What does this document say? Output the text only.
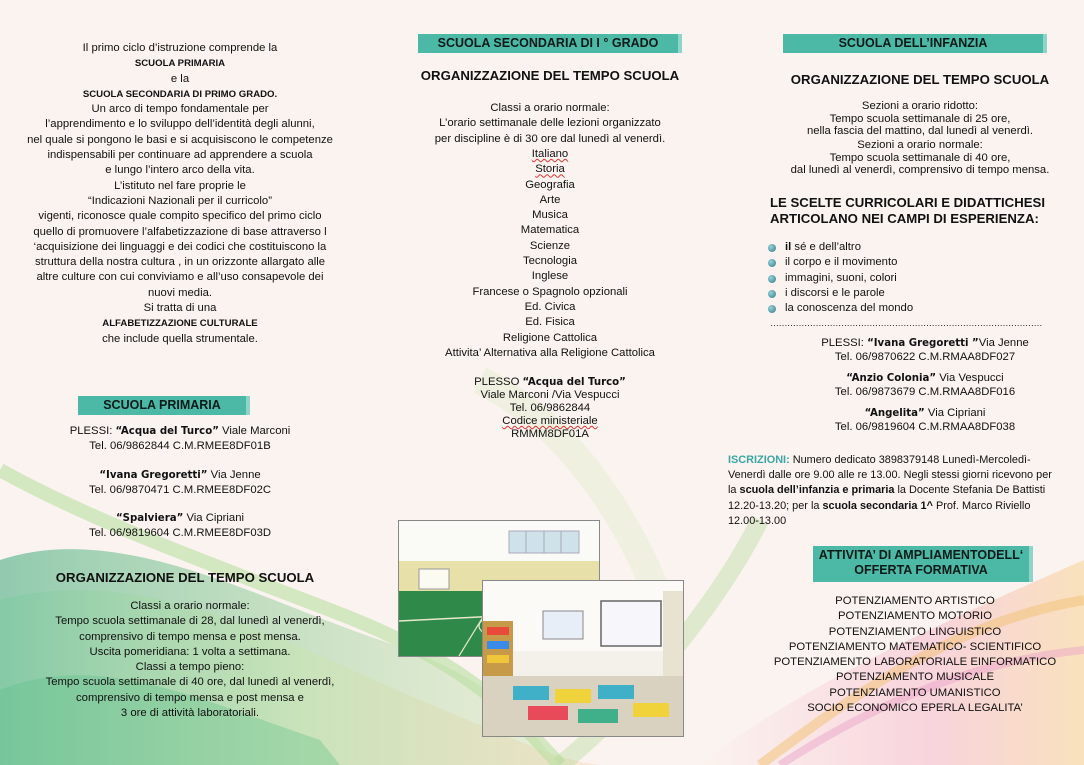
Il primo ciclo d’istruzione comprende la
SCUOLA PRIMARIA
e la
SCUOLA SECONDARIA DI PRIMO GRADO.
Un arco di tempo fondamentale per
l’apprendimento e lo sviluppo dell’identità degli alunni,
nel quale si pongono le basi e si acquisiscono le competenze
indispensabili per continuare ad apprendere a scuola
e lungo l’intero arco della vita.
L’istituto nel fare proprie le
“Indicazioni Nazionali per il curricolo”
vigenti, riconosce quale compito specifico del primo ciclo
quello di promuovere l’alfabetizzazione di base attraverso l
‘acquisizione dei linguaggi e dei codici che costituiscono la
struttura della nostra cultura , in un orizzonte allargato alle
altre culture con cui conviviamo e all’uso consapevole dei
nuovi media.
Si tratta di una
ALFABETIZZAZIONE CULTURALE
che include quella strumentale.
SCUOLA PRIMARIA
PLESSI: “Acqua del Turco” Viale Marconi
Tel. 06/9862844 C.M.RMEE8DF01B
“Ivana Gregoretti” Via Jenne
Tel. 06/9870471 C.M.RMEE8DF02C
“Spalviera” Via Cipriani
Tel. 06/9819604 C.M.RMEE8DF03D
ORGANIZZAZIONE DEL TEMPO SCUOLA
Classi a orario normale:
Tempo scuola settimanale di 28, dal lunedì al venerdì,
comprensivo di tempo mensa e post mensa.
Uscita pomeridiana: 1 volta a settimana.
Classi a tempo pieno:
Tempo scuola settimanale di 40 ore, dal lunedì al venerdì,
comprensivo di tempo mensa e post mensa e
3 ore di attività laboratoriali.
SCUOLA SECONDARIA DI I ° GRADO
ORGANIZZAZIONE DEL TEMPO SCUOLA
Classi a orario normale:
L’orario settimanale delle lezioni organizzato
per discipline è di 30 ore dal lunedì al venerdì.
Italiano
Storia
Geografia
Arte
Musica
Matematica
Scienze
Tecnologia
Inglese
Francese o Spagnolo opzionali
Ed. Civica
Ed. Fisica
Religione Cattolica
Attivita’ Alternativa alla Religione Cattolica
PLESSO “Acqua del Turco”
Viale Marconi /Via Vespucci
Tel. 06/9862844
Codice ministeriale
RMMM8DF01A
SCUOLA DELL’INFANZIA
ORGANIZZAZIONE DEL TEMPO SCUOLA
Sezioni a orario ridotto:
Tempo scuola settimanale di 25 ore,
nella fascia del mattino, dal lunedì al venerdì.
Sezioni a orario normale:
Tempo scuola settimanale di 40 ore,
dal lunedì al venerdì, comprensivo di tempo mensa.
LE SCELTE CURRICOLARI E DIDATTICHESI ARTICOLANO NEI CAMPI DI ESPERIENZA:
il sé e dell’altro
il corpo e il movimento
immagini, suoni, colori
i discorsi e le parole
la conoscenza del mondo
……………………………………………………………………………………
PLESSI: “Ivana Gregoretti ”Via Jenne
Tel. 06/9870622 C.M.RMAA8DF027
“Anzio Colonia” Via Vespucci
Tel. 06/9873679 C.M.RMAA8DF016
“Angelita” Via Cipriani
Tel. 06/9819604 C.M.RMAA8DF038
ISCRIZIONI: Numero dedicato 3898379148 Lunedì-Mercoledì-
Venerdì dalle ore 9.00 alle re 13.00. Negli stessi giorni ricevono per
la scuola dell’infanzia e primaria la Docente Stefania De Battisti
12.20-13.20; per la scuola secondaria 1^ Prof. Marco Riviello
12.00-13.00
ATTIVITA’ DI AMPLIAMENTODELL‘ OFFERTA FORMATIVA
POTENZIAMENTO ARTISTICO
POTENZIAMENTO MOTORIO
POTENZIAMENTO LINGUISTICO
POTENZIAMENTO MATEMATICO- SCIENTIFICO
POTENZIAMENTO LABORATORIALE EINFORMATICO
POTENZIAMENTO MUSICALE
POTENZIAMENTO UMANISTICO
SOCIO ECONOMICO EPERLA LEGALITA’
